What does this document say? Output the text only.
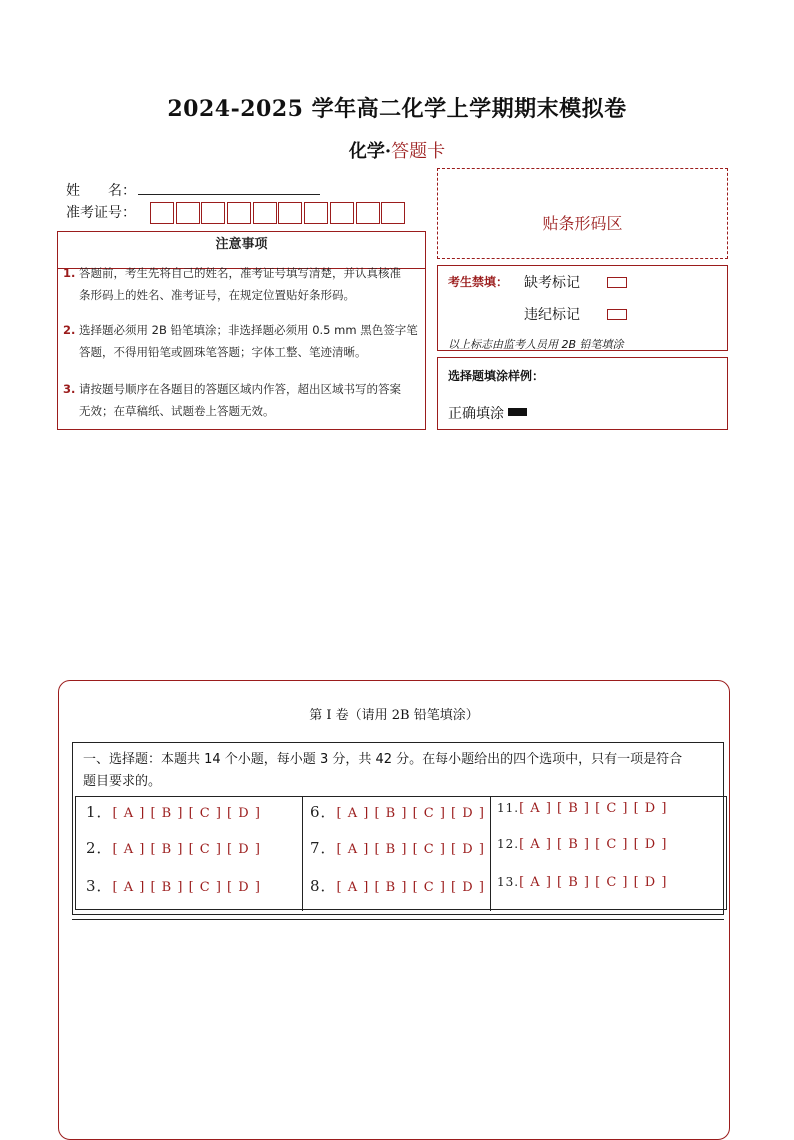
2024-2025 学年高二化学上学期期末模拟卷
化学·答题卡
姓　　名：
准考证号：
注意事项
1. 答题前，考生先将自己的姓名，准考证号填写清楚，并认真核准
条形码上的姓名、准考证号，在规定位置贴好条形码。
2. 选择题必须用 2B 铅笔填涂；非选择题必须用 0.5 mm 黑色签字笔
答题，不得用铅笔或圆珠笔答题；字体工整、笔迹清晰。
3. 请按题号顺序在各题目的答题区域内作答，超出区域书写的答案
无效；在草稿纸、试题卷上答题无效。
贴条形码区
考生禁填： 缺考标记
违纪标记
以上标志由监考人员用 2B 铅笔填涂
选择题填涂样例：
正确填涂
第 I 卷（请用 2B 铅笔填涂）
一、选择题：本题共 14 个小题，每小题 3 分，共 42 分。在每小题给出的四个选项中，只有一项是符合
题目要求的。
1．[ A ] [ B ] [ C ] [ D ]
2．[ A ] [ B ] [ C ] [ D ]
3．[ A ] [ B ] [ C ] [ D ]
6．[ A ] [ B ] [ C ] [ D ]
7．[ A ] [ B ] [ C ] [ D ]
8．[ A ] [ B ] [ C ] [ D ]
11.[ A ] [ B ] [ C ] [ D ]
12.[ A ] [ B ] [ C ] [ D ]
13.[ A ] [ B ] [ C ] [ D ]
